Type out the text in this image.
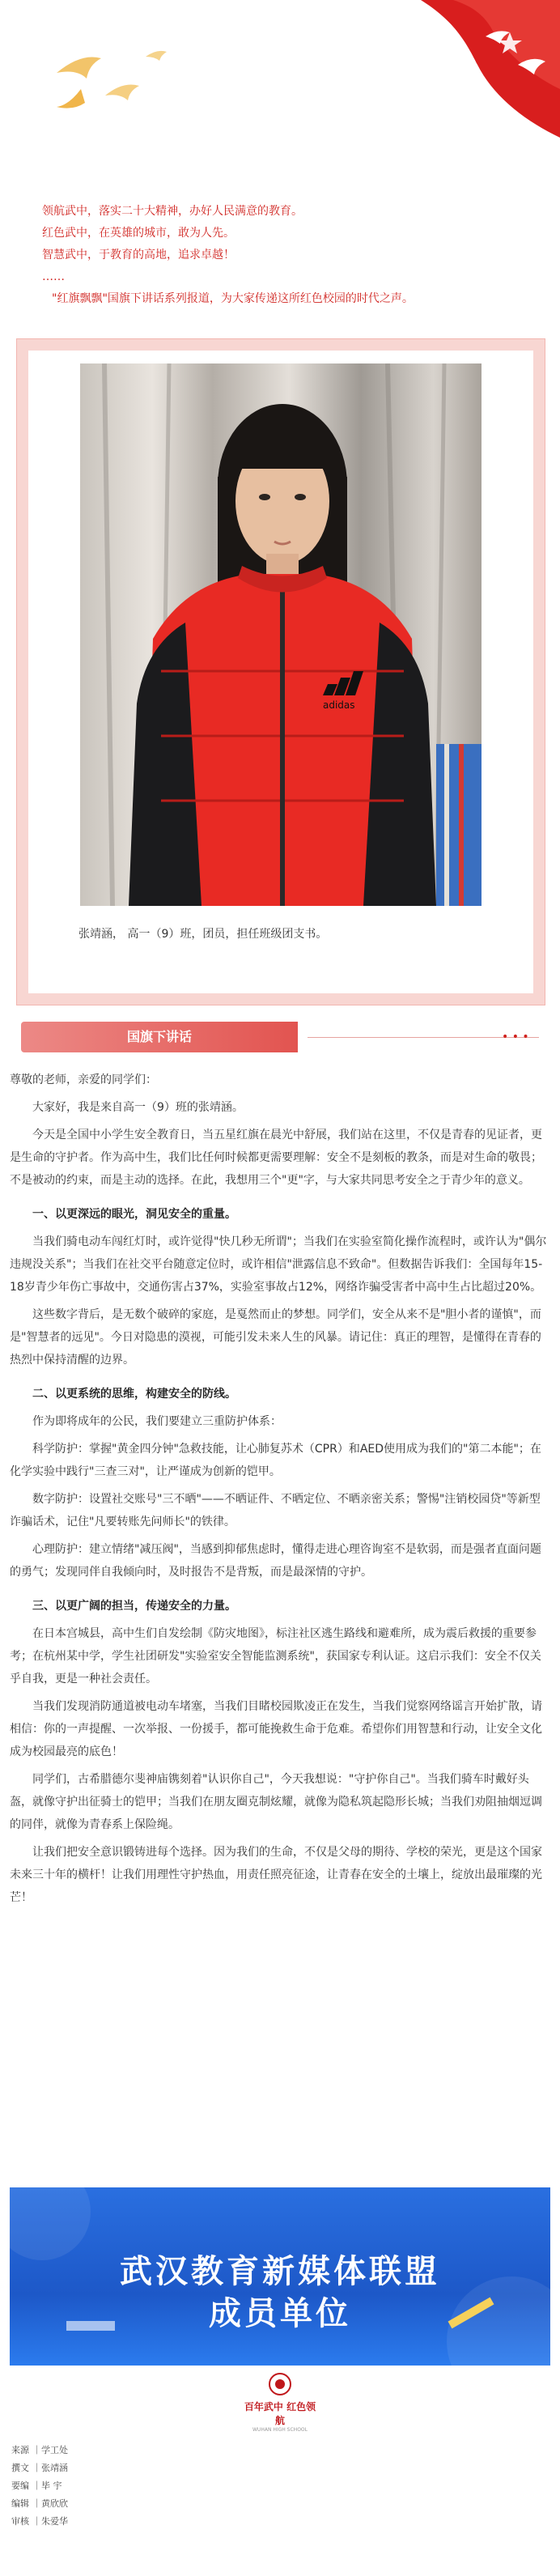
领航武中，落实二十大精神，办好人民满意的教育。
红色武中，在英雄的城市，敢为人先。
智慧武中，于教育的高地，追求卓越！
……
"红旗飘飘"国旗下讲话系列报道，为大家传递这所红色校园的时代之声。
adidas
张靖涵， 高一（9）班，团员，担任班级团支书。
国旗下讲话	• • •

尊敬的老师，亲爱的同学们：

大家好，我是来自高一（9）班的张靖涵。

今天是全国中小学生安全教育日，当五星红旗在晨光中舒展，我们站在这里，不仅是青春的见证者，更是生命的守护者。作为高中生，我们比任何时候都更需要理解：安全不是刻板的教条，而是对生命的敬畏；不是被动的约束，而是主动的选择。在此，我想用三个"更"字，与大家共同思考安全之于青少年的意义。

一、以更深远的眼光，洞见安全的重量。

当我们骑电动车闯红灯时，或许觉得"快几秒无所谓"；当我们在实验室简化操作流程时，或许认为"偶尔违规没关系"；当我们在社交平台随意定位时，或许相信"泄露信息不致命"。但数据告诉我们：全国每年15-18岁青少年伤亡事故中，交通伤害占37%，实验室事故占12%，网络诈骗受害者中高中生占比超过20%。

这些数字背后，是无数个破碎的家庭，是戛然而止的梦想。同学们，安全从来不是"胆小者的谨慎"，而是"智慧者的远见"。今日对隐患的漠视，可能引发未来人生的风暴。请记住：真正的理智，是懂得在青春的热烈中保持清醒的边界。

二、以更系统的思维，构建安全的防线。

作为即将成年的公民，我们要建立三重防护体系：

科学防护：掌握"黄金四分钟"急救技能，让心肺复苏术（CPR）和AED使用成为我们的"第二本能"；在化学实验中践行"三查三对"，让严谨成为创新的铠甲。

数字防护：设置社交账号"三不晒"——不晒证件、不晒定位、不晒亲密关系；警惕"注销校园贷"等新型诈骗话术，记住"凡要转账先问师长"的铁律。

心理防护：建立情绪"减压阀"，当感到抑郁焦虑时，懂得走进心理咨询室不是软弱，而是强者直面问题的勇气；发现同伴自我倾向时，及时报告不是背叛，而是最深情的守护。

三、以更广阔的担当，传递安全的力量。

在日本宫城县，高中生们自发绘制《防灾地图》，标注社区逃生路线和避难所，成为震后救援的重要参考；在杭州某中学，学生社团研发"实验室安全智能监测系统"，获国家专利认证。这启示我们：安全不仅关乎自我，更是一种社会责任。

当我们发现消防通道被电动车堵塞，当我们目睹校园欺凌正在发生，当我们觉察网络谣言开始扩散，请相信：你的一声提醒、一次举报、一份援手，都可能挽救生命于危难。希望你们用智慧和行动，让安全文化成为校园最亮的底色！

同学们，古希腊德尔斐神庙镌刻着"认识你自己"，今天我想说："守护你自己"。当我们骑车时戴好头盔，就像守护出征骑士的铠甲；当我们在朋友圈克制炫耀，就像为隐私筑起隐形长城；当我们劝阻抽烟逗调的同伴，就像为青春系上保险绳。

让我们把安全意识锻铸进每个选择。因为我们的生命，不仅是父母的期待、学校的荣光，更是这个国家未来三十年的横杆！让我们用理性守护热血，用责任照亮征途，让青春在安全的土壤上，绽放出最璀璨的光芒！

武汉教育新媒体联盟
成员单位
百年武中 红色领航
WUHAN HIGH SCHOOL
来源 ｜学工处
撰文 ｜张靖涵
要编 ｜毕 宇
编辑 ｜黄欣欣
审核 ｜朱爱华
